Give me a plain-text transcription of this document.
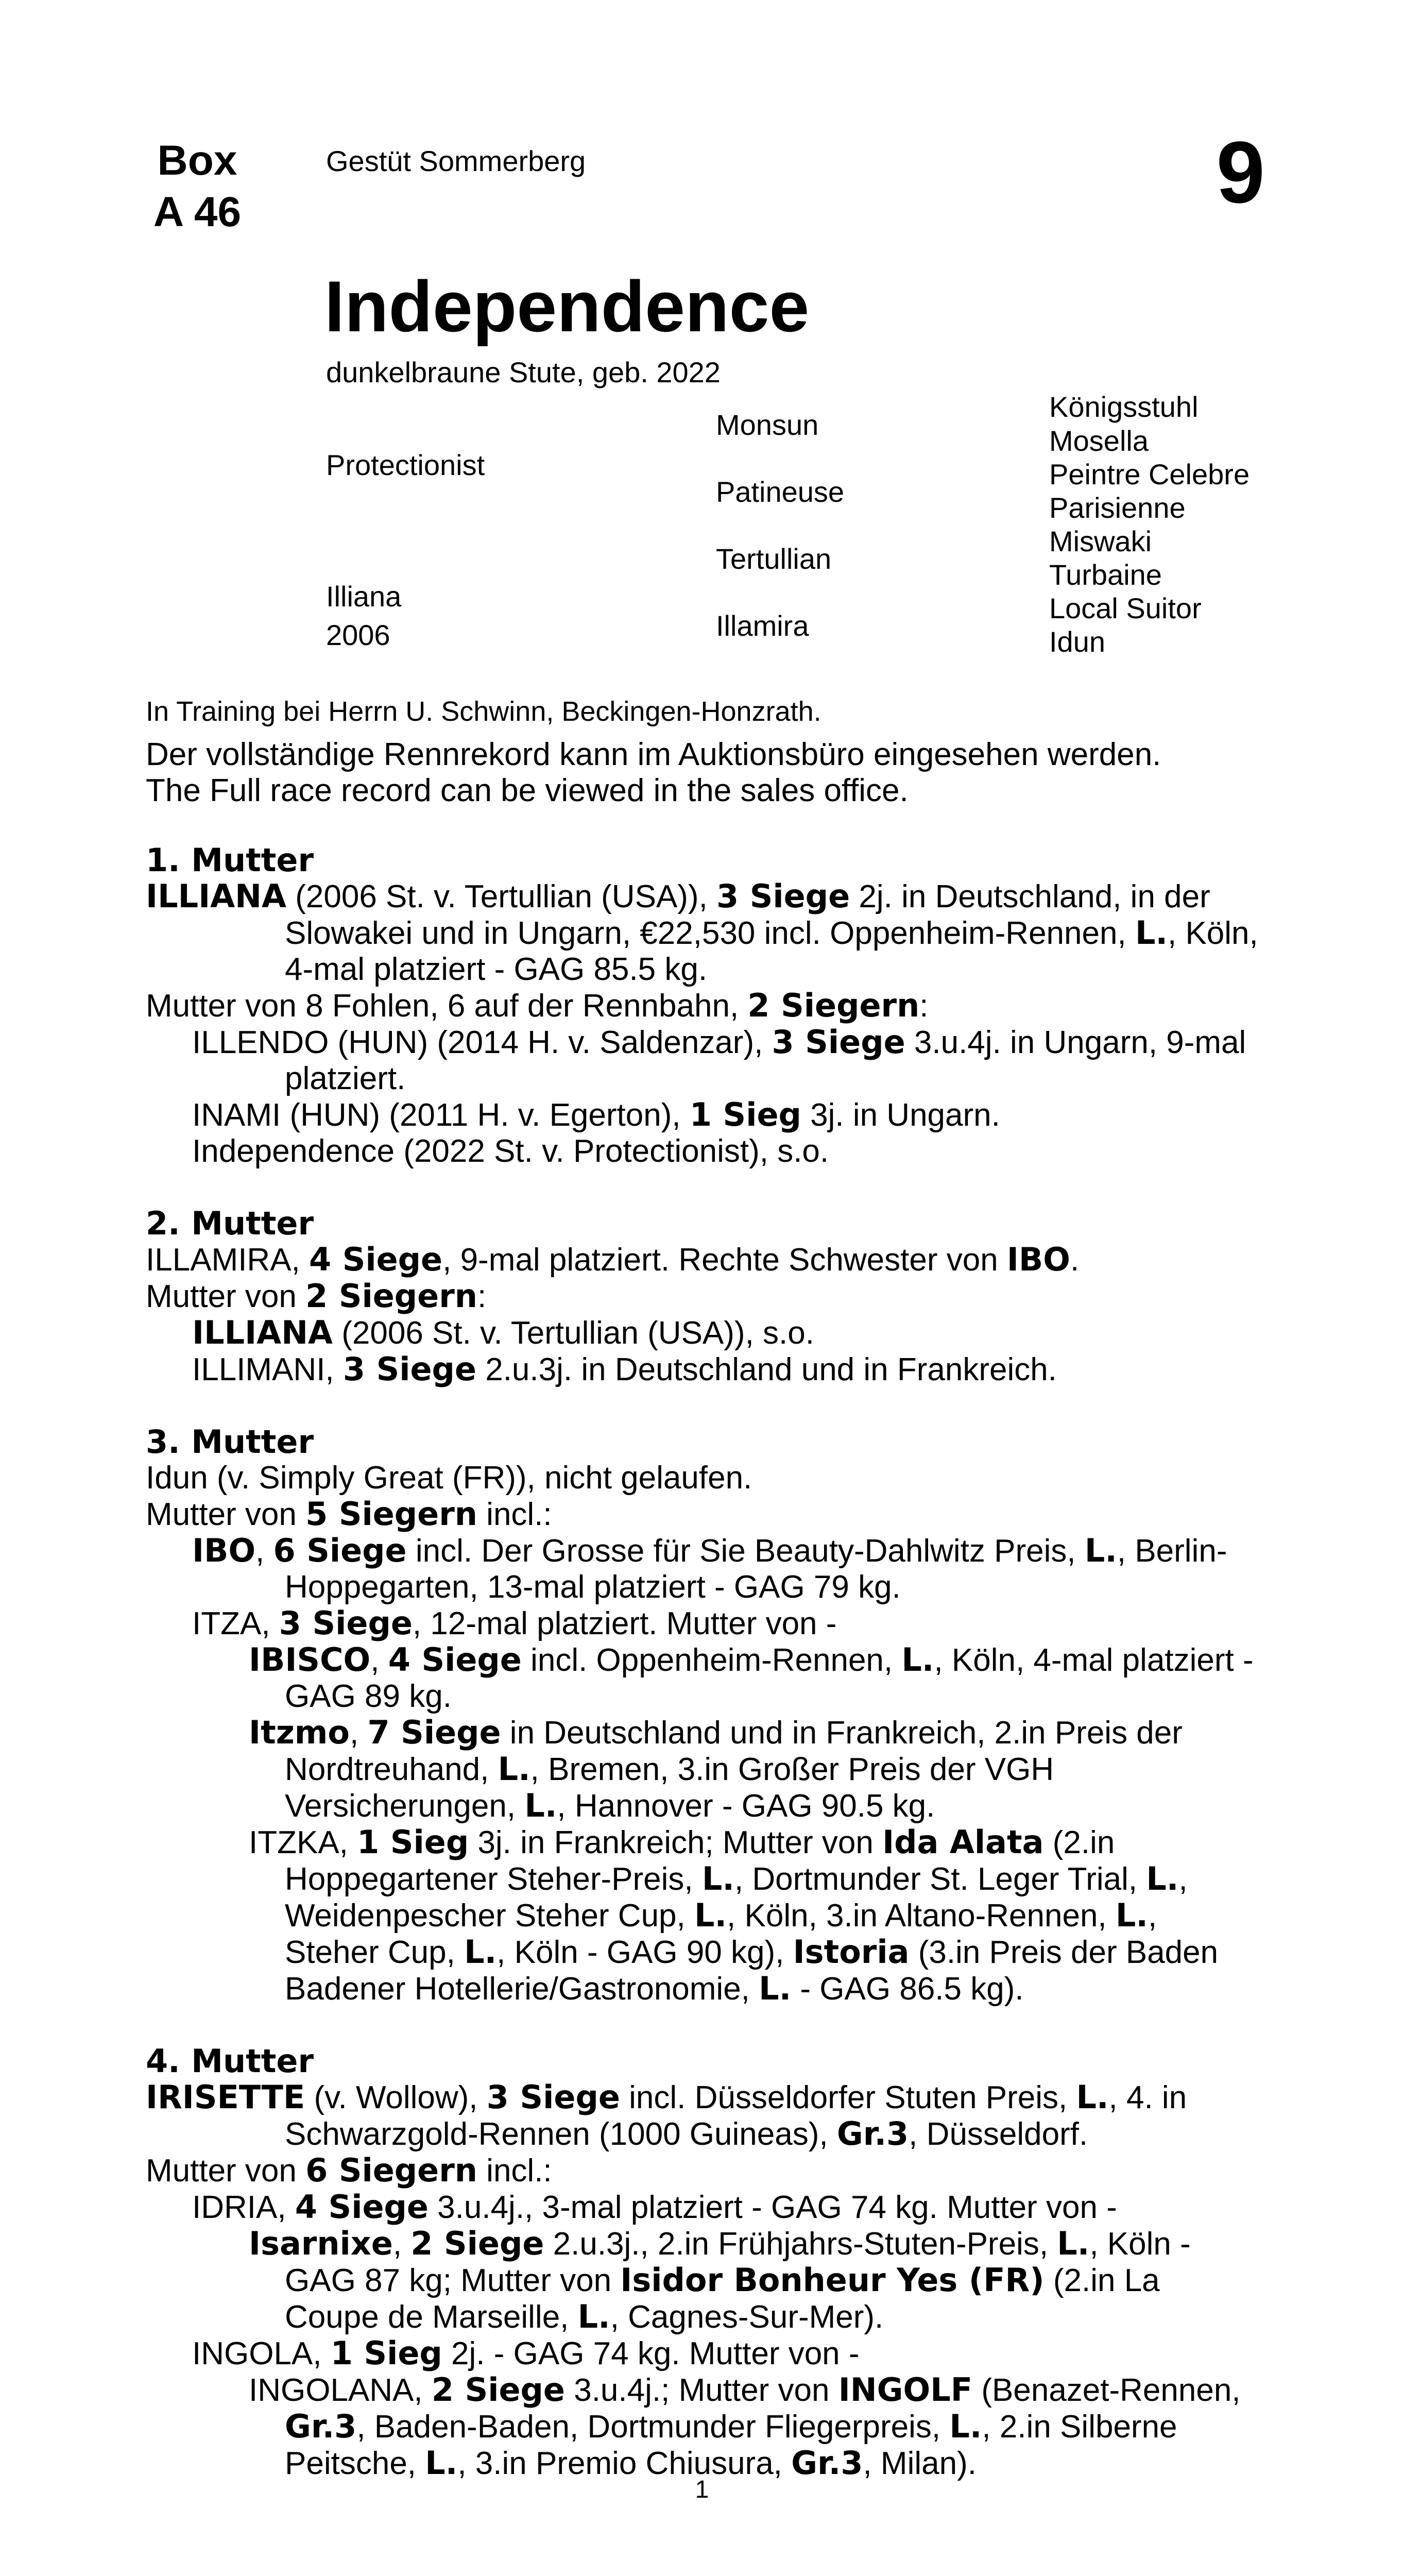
Box
A 46
Gestüt Sommerberg	9
Independence
dunkelbraune Stute, geb. 2022
Protectionist
Illiana
2006
Monsun
Patineuse
Tertullian
Illamira
Königsstuhl
Mosella
Peintre Celebre
Parisienne
Miswaki
Turbaine
Local Suitor
Idun
In Training bei Herrn U. Schwinn, Beckingen-Honzrath.
Der vollständige Rennrekord kann im Auktionsbüro eingesehen werden.
The Full race record can be viewed in the sales office.
1. Mutter
ILLIANA (2006 St. v. Tertullian (USA)), 3 Siege 2j. in Deutschland, in der Slowakei und in Ungarn, €22,530 incl. Oppenheim-Rennen, L., Köln, 4-mal platziert - GAG 85.5 kg.
Mutter von 8 Fohlen, 6 auf der Rennbahn, 2 Siegern:
ILLENDO (HUN) (2014 H. v. Saldenzar), 3 Siege 3.u.4j. in Ungarn, 9-mal platziert.
INAMI (HUN) (2011 H. v. Egerton), 1 Sieg 3j. in Ungarn.
Independence (2022 St. v. Protectionist), s.o.
2. Mutter
ILLAMIRA, 4 Siege, 9-mal platziert. Rechte Schwester von IBO.
Mutter von 2 Siegern:
ILLIANA (2006 St. v. Tertullian (USA)), s.o.
ILLIMANI, 3 Siege 2.u.3j. in Deutschland und in Frankreich.
3. Mutter
Idun (v. Simply Great (FR)), nicht gelaufen.
Mutter von 5 Siegern incl.:
IBO, 6 Siege incl. Der Grosse für Sie Beauty-Dahlwitz Preis, L., Berlin-Hoppegarten, 13-mal platziert - GAG 79 kg.
ITZA, 3 Siege, 12-mal platziert. Mutter von -
IBISCO, 4 Siege incl. Oppenheim-Rennen, L., Köln, 4-mal platziert - GAG 89 kg.
Itzmo, 7 Siege in Deutschland und in Frankreich, 2.in Preis der Nordtreuhand, L., Bremen, 3.in Großer Preis der VGH Versicherungen, L., Hannover - GAG 90.5 kg.
ITZKA, 1 Sieg 3j. in Frankreich; Mutter von Ida Alata (2.in Hoppegartener Steher-Preis, L., Dortmunder St. Leger Trial, L., Weidenpescher Steher Cup, L., Köln, 3.in Altano-Rennen, L., Steher Cup, L., Köln - GAG 90 kg), Istoria (3.in Preis der Baden Badener Hotellerie/Gastronomie, L. - GAG 86.5 kg).
4. Mutter
IRISETTE (v. Wollow), 3 Siege incl. Düsseldorfer Stuten Preis, L., 4. in Schwarzgold-Rennen (1000 Guineas), Gr.3, Düsseldorf.
Mutter von 6 Siegern incl.:
IDRIA, 4 Siege 3.u.4j., 3-mal platziert - GAG 74 kg. Mutter von -
Isarnixe, 2 Siege 2.u.3j., 2.in Frühjahrs-Stuten-Preis, L., Köln - GAG 87 kg; Mutter von Isidor Bonheur Yes (FR) (2.in La Coupe de Marseille, L., Cagnes-Sur-Mer).
INGOLA, 1 Sieg 2j. - GAG 74 kg. Mutter von -
INGOLANA, 2 Siege 3.u.4j.; Mutter von INGOLF (Benazet-Rennen, Gr.3, Baden-Baden, Dortmunder Fliegerpreis, L., 2.in Silberne Peitsche, L., 3.in Premio Chiusura, Gr.3, Milan).
1
